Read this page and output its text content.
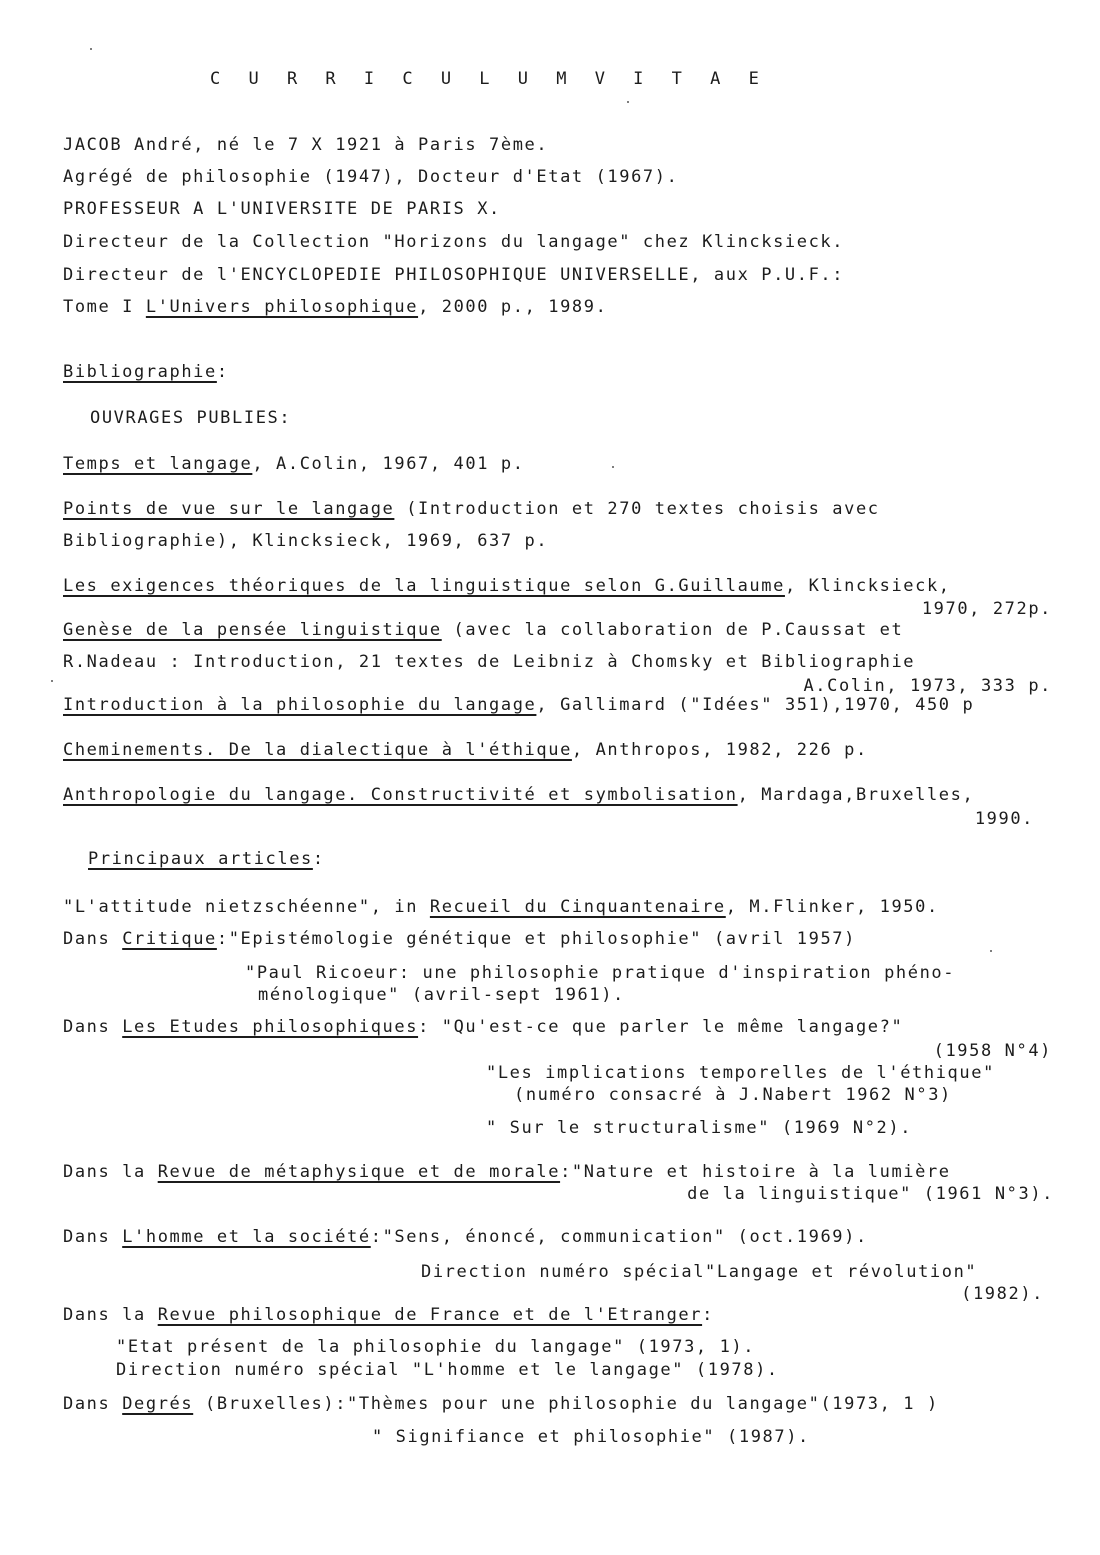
C U R R I C U L U M V I T A E
JACOB André, né le 7 X 1921 à Paris 7ème.
Agrégé de philosophie (1947), Docteur d'Etat (1967).
PROFESSEUR A L'UNIVERSITE DE PARIS X.
Directeur de la Collection "Horizons du langage" chez Klincksieck.
Directeur de l'ENCYCLOPEDIE PHILOSOPHIQUE UNIVERSELLE, aux P.U.F.:
Tome I L'Univers philosophique, 2000 p., 1989.
Bibliographie:
OUVRAGES PUBLIES:
Temps et langage, A.Colin, 1967, 401 p.
Points de vue sur le langage (Introduction et 270 textes choisis avec
Bibliographie), Klincksieck, 1969, 637 p.
Les exigences théoriques de la linguistique selon G.Guillaume, Klincksieck,
1970, 272p.
Genèse de la pensée linguistique (avec la collaboration de P.Caussat et
R.Nadeau : Introduction, 21 textes de Leibniz à Chomsky et Bibliographie
A.Colin, 1973, 333 p.
Introduction à la philosophie du langage, Gallimard ("Idées" 351),1970, 450 p
Cheminements. De la dialectique à l'éthique, Anthropos, 1982, 226 p.
Anthropologie du langage. Constructivité et symbolisation, Mardaga,Bruxelles,
1990.
Principaux articles:
"L'attitude nietzschéenne", in Recueil du Cinquantenaire, M.Flinker, 1950.
Dans Critique:"Epistémologie génétique et philosophie" (avril 1957)
"Paul Ricoeur: une philosophie pratique d'inspiration phéno-
ménologique" (avril-sept 1961).
Dans Les Etudes philosophiques: "Qu'est-ce que parler le même langage?"
(1958 N°4)
"Les implications temporelles de l'éthique"
(numéro consacré à J.Nabert 1962 N°3)
" Sur le structuralisme" (1969 N°2).
Dans la Revue de métaphysique et de morale:"Nature et histoire à la lumière
de la linguistique" (1961 N°3).
Dans L'homme et la société:"Sens, énoncé, communication" (oct.1969).
Direction numéro spécial"Langage et révolution"
(1982).
Dans la Revue philosophique de France et de l'Etranger:
"Etat présent de la philosophie du langage" (1973, 1).
Direction numéro spécial "L'homme et le langage" (1978).
Dans Degrés (Bruxelles):"Thèmes pour une philosophie du langage"(1973, 1 )
" Signifiance et philosophie" (1987).
